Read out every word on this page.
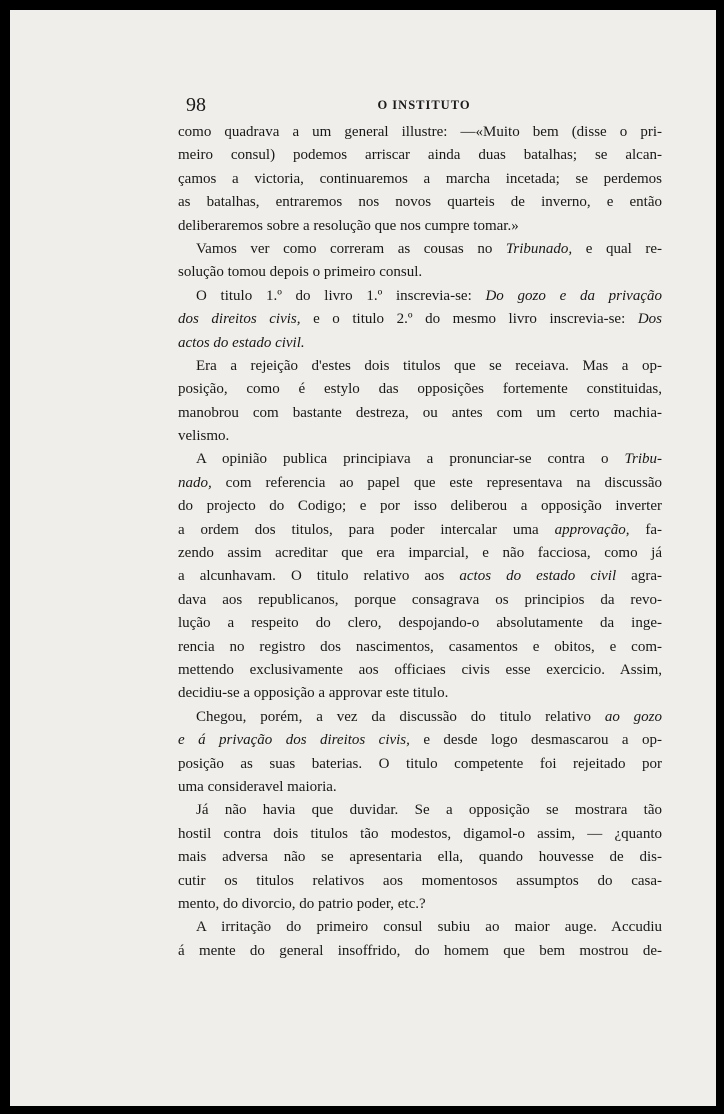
98	O INSTITUTO
como quadrava a um general illustre: —«Muito bem (disse o pri-
meiro consul) podemos arriscar ainda duas batalhas; se alcan-
çamos a victoria, continuaremos a marcha incetada; se perdemos
as batalhas, entraremos nos novos quarteis de inverno, e então
deliberaremos sobre a resolução que nos cumpre tomar.»
Vamos ver como correram as cousas no Tribunado, e qual re-
solução tomou depois o primeiro consul.
O titulo 1.º do livro 1.º inscrevia-se: Do gozo e da privação
dos direitos civis, e o titulo 2.º do mesmo livro inscrevia-se: Dos
actos do estado civil.
Era a rejeição d'estes dois titulos que se receiava. Mas a op-
posição, como é estylo das opposições fortemente constituidas,
manobrou com bastante destreza, ou antes com um certo machia-
velismo.
A opinião publica principiava a pronunciar-se contra o Tribu-
nado, com referencia ao papel que este representava na discussão
do projecto do Codigo; e por isso deliberou a opposição inverter
a ordem dos titulos, para poder intercalar uma approvação, fa-
zendo assim acreditar que era imparcial, e não facciosa, como já
a alcunhavam. O titulo relativo aos actos do estado civil agra-
dava aos republicanos, porque consagrava os principios da revo-
lução a respeito do clero, despojando-o absolutamente da inge-
rencia no registro dos nascimentos, casamentos e obitos, e com-
mettendo exclusivamente aos officiaes civis esse exercicio. Assim,
decidiu-se a opposição a approvar este titulo.
Chegou, porém, a vez da discussão do titulo relativo ao gozo
e á privação dos direitos civis, e desde logo desmascarou a op-
posição as suas baterias. O titulo competente foi rejeitado por
uma consideravel maioria.
Já não havia que duvidar. Se a opposição se mostrara tão
hostil contra dois titulos tão modestos, digamol-o assim, — ¿quanto
mais adversa não se apresentaria ella, quando houvesse de dis-
cutir os titulos relativos aos momentosos assumptos do casa-
mento, do divorcio, do patrio poder, etc.?
A irritação do primeiro consul subiu ao maior auge. Accudiu
á mente do general insoffrido, do homem que bem mostrou de-
